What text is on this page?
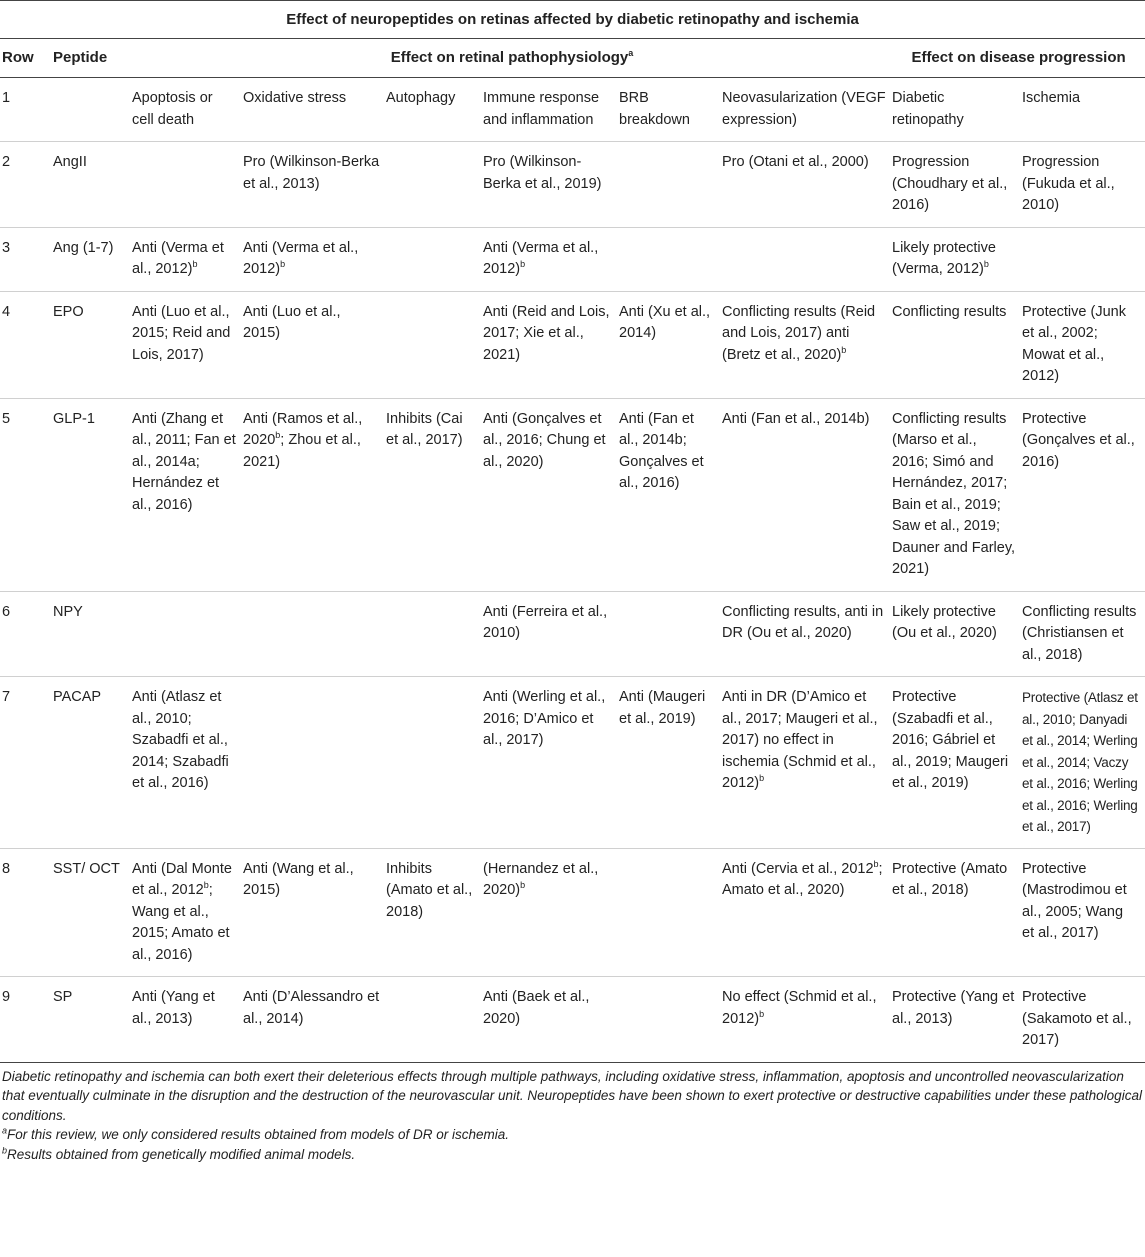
Effect of neuropeptides on retinas affected by diabetic retinopathy and ischemia									
Row	Peptide	Effect on retinal pathophysiology$^a$						Effect on disease progression	
1		Apoptosis or cell death	Oxidative stress	Autophagy	Immune response and inflammation	BRB breakdown	Neovasularization (VEGF expression)	Diabetic retinopathy	Ischemia
2	AngII		Pro (Wilkinson-Berka et al., 2013)		Pro (Wilkinson-Berka et al., 2019)		Pro (Otani et al., 2000)	Progression (Choudhary et al., 2016)	Progression (Fukuda et al., 2010)
3	Ang (1-7)	Anti (Verma et al., 2012)$^b$	Anti (Verma et al., 2012)$^b$		Anti (Verma et al., 2012)$^b$			Likely protective (Verma, 2012)$^b$	
4	EPO	Anti (Luo et al., 2015; Reid and Lois, 2017)	Anti (Luo et al., 2015)		Anti (Reid and Lois, 2017; Xie et al., 2021)	Anti (Xu et al., 2014)	Conflicting results (Reid and Lois, 2017) anti (Bretz et al., 2020)$^b$	Conflicting results	Protective (Junk et al., 2002; Mowat et al., 2012)
5	GLP-1	Anti (Zhang et al., 2011; Fan et al., 2014a; Hernández et al., 2016)	Anti (Ramos et al., 2020$^b$; Zhou et al., 2021)	Inhibits (Cai et al., 2017)	Anti (Gonçalves et al., 2016; Chung et al., 2020)	Anti (Fan et al., 2014b; Gonçalves et al., 2016)	Anti (Fan et al., 2014b)	Conflicting results (Marso et al., 2016; Simó and Hernández, 2017; Bain et al., 2019; Saw et al., 2019; Dauner and Farley, 2021)	Protective (Gonçalves et al., 2016)
6	NPY				Anti (Ferreira et al., 2010)		Conflicting results, anti in DR (Ou et al., 2020)	Likely protective (Ou et al., 2020)	Conflicting results (Christiansen et al., 2018)
7	PACAP	Anti (Atlasz et al., 2010; Szabadfi et al., 2014; Szabadfi et al., 2016)			Anti (Werling et al., 2016; D’Amico et al., 2017)	Anti (Maugeri et al., 2019)	Anti in DR (D’Amico et al., 2017; Maugeri et al., 2017) no effect in ischemia (Schmid et al., 2012)$^b$	Protective (Szabadfi et al., 2016; Gábriel et al., 2019; Maugeri et al., 2019)	Protective (Atlasz et al., 2010; Danyadi et al., 2014; Werling et al., 2014; Vaczy et al., 2016; Werling et al., 2016; Werling et al., 2017)
8	SST/ OCT	Anti (Dal Monte et al., 2012$^b$; Wang et al., 2015; Amato et al., 2016)	Anti (Wang et al., 2015)	Inhibits (Amato et al., 2018)	(Hernandez et al., 2020)$^b$		Anti (Cervia et al., 2012$^b$; Amato et al., 2020)	Protective (Amato et al., 2018)	Protective (Mastrodimou et al., 2005; Wang et al., 2017)
9	SP	Anti (Yang et al., 2013)	Anti (D’Alessandro et al., 2014)		Anti (Baek et al., 2020)		No effect (Schmid et al., 2012)$^b$	Protective (Yang et al., 2013)	Protective (Sakamoto et al., 2017)

Diabetic retinopathy and ischemia can both exert their deleterious effects through multiple pathways, including oxidative stress, inflammation, apoptosis and uncontrolled neovascularization that eventually culminate in the disruption and the destruction of the neurovascular unit. Neuropeptides have been shown to exert protective or destructive capabilities under these pathological conditions.

$^a$For this review, we only considered results obtained from models of DR or ischemia.

$^b$Results obtained from genetically modified animal models.
